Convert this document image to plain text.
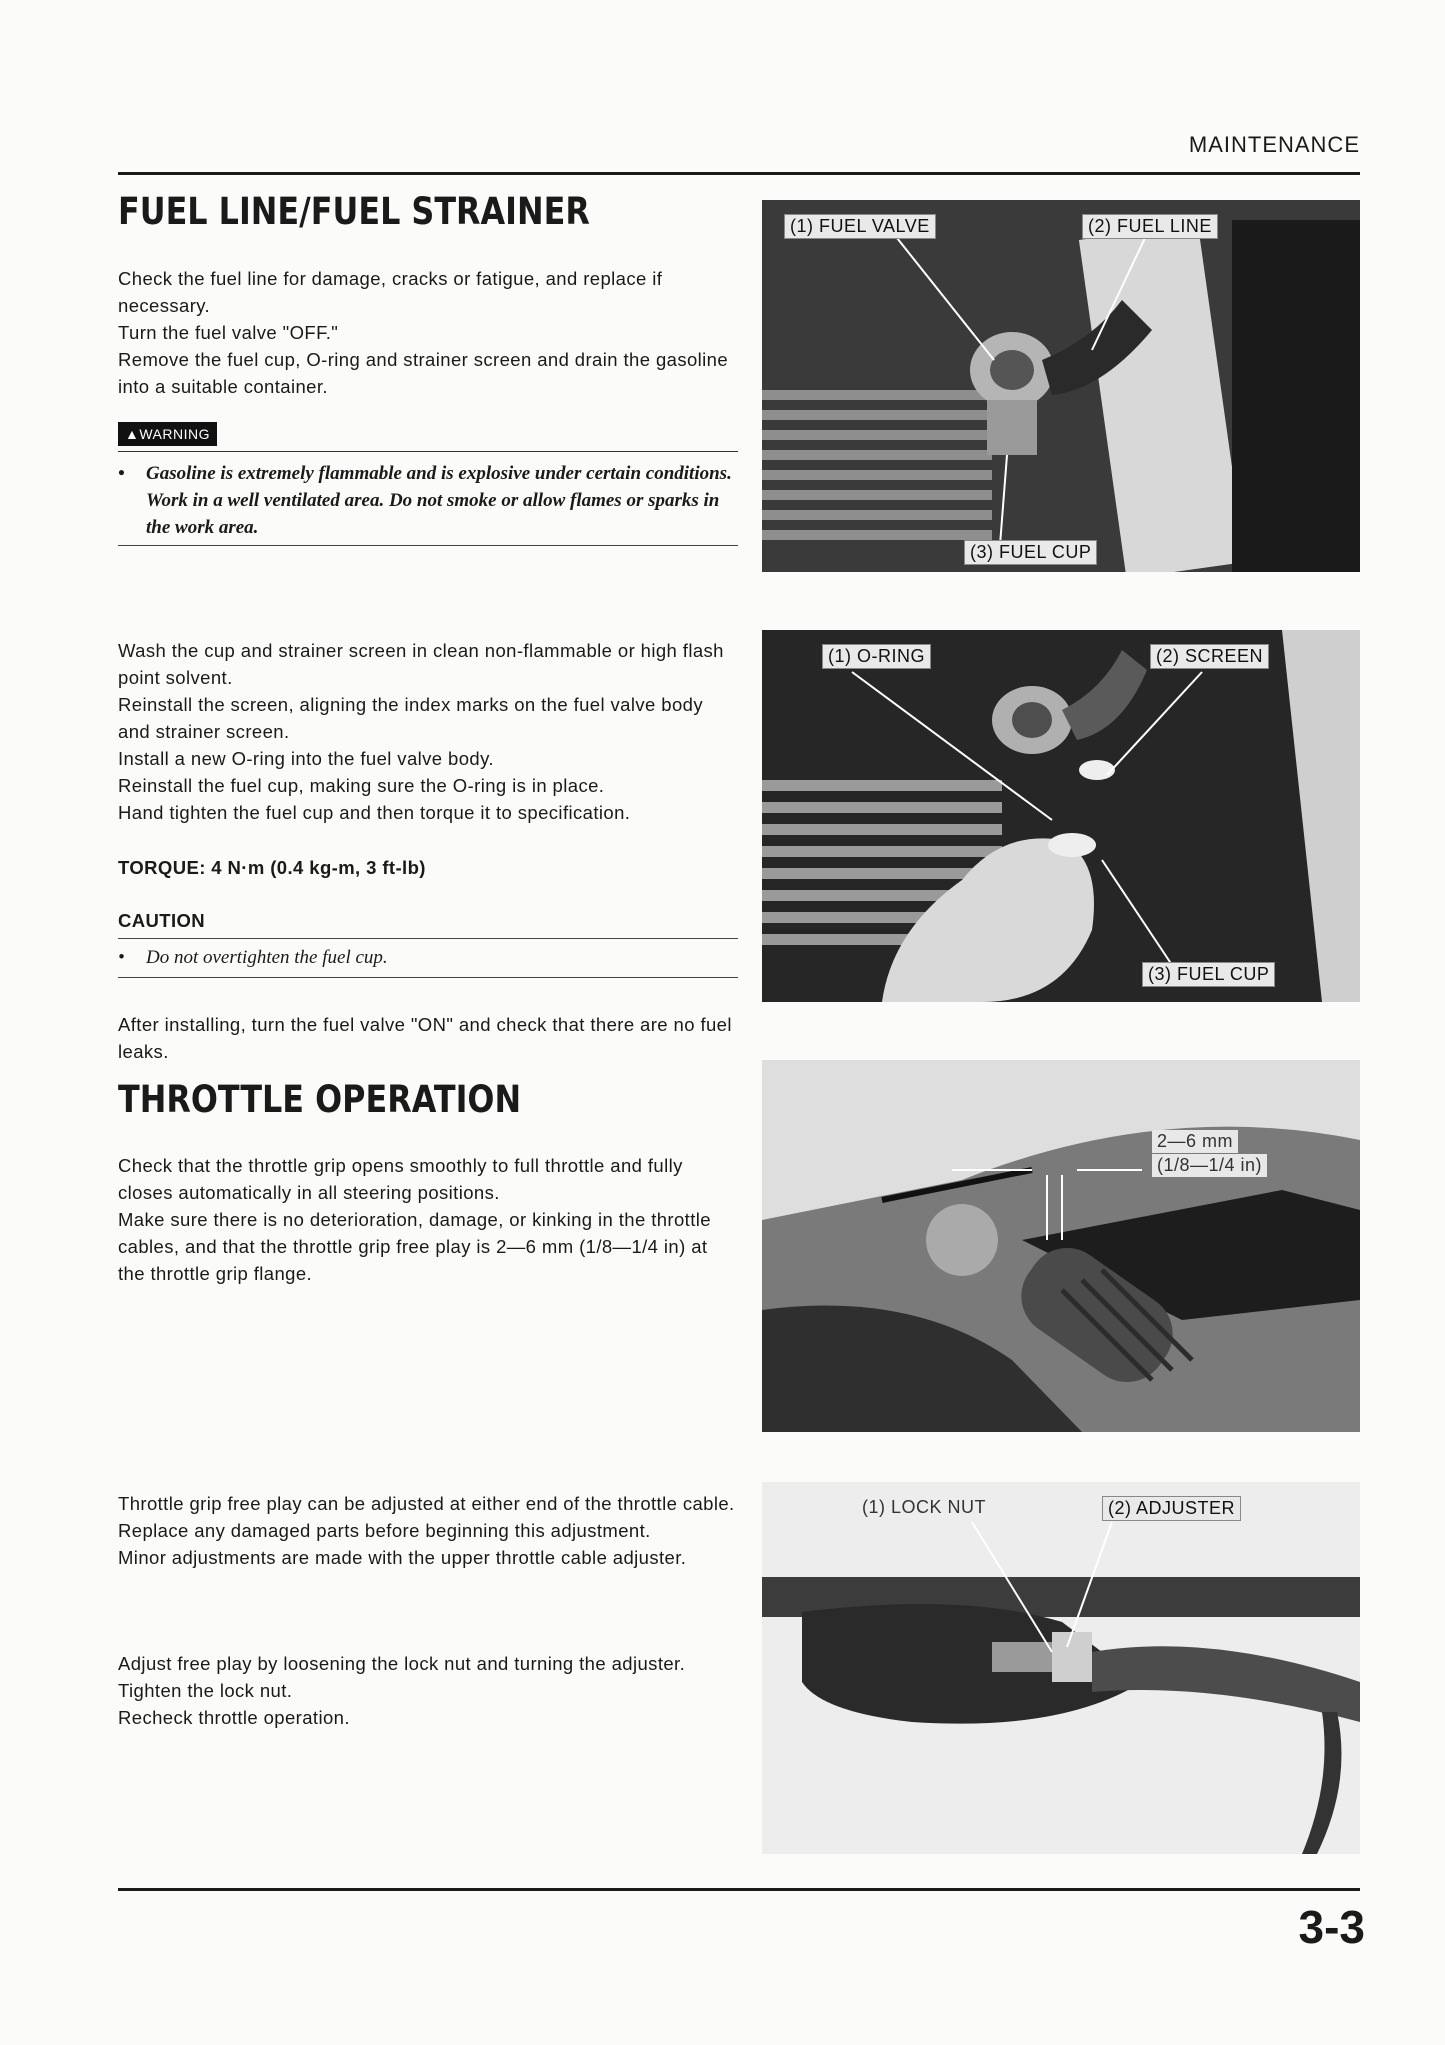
MAINTENANCE
FUEL LINE/FUEL STRAINER

Check the fuel line for damage, cracks or fatigue, and replace if necessary.

Turn the fuel valve "OFF."

Remove the fuel cup, O-ring and strainer screen and drain the gasoline into a suitable container.

▲WARNING
•	Gasoline is extremely flammable and is explosive under certain conditions. Work in a well ventilated area. Do not smoke or allow flames or sparks in the work area.

Wash the cup and strainer screen in clean non-flammable or high flash point solvent.

Reinstall the screen, aligning the index marks on the fuel valve body and strainer screen.

Install a new O-ring into the fuel valve body.

Reinstall the fuel cup, making sure the O-ring is in place.

Hand tighten the fuel cup and then torque it to specification.

TORQUE: 4 N·m (0.4 kg-m, 3 ft-lb)
CAUTION
•	Do not overtighten the fuel cup.
After installing, turn the fuel valve "ON" and check that there are no fuel leaks.
THROTTLE OPERATION

Check that the throttle grip opens smoothly to full throttle and fully closes automatically in all steering positions.

Make sure there is no deterioration, damage, or kinking in the throttle cables, and that the throttle grip free play is 2—6 mm (1/8—1/4 in) at the throttle grip flange.

Throttle grip free play can be adjusted at either end of the throttle cable. Replace any damaged parts before beginning this adjustment.

Minor adjustments are made with the upper throttle cable adjuster.

Adjust free play by loosening the lock nut and turning the adjuster.

Tighten the lock nut.

Recheck throttle operation.

(1) FUEL VALVE	(2) FUEL LINE
(3) FUEL CUP
(1) O-RING	(2) SCREEN
(3) FUEL CUP
2—6 mm
(1/8—1/4 in)
(1) LOCK NUT	(2) ADJUSTER
3-3
